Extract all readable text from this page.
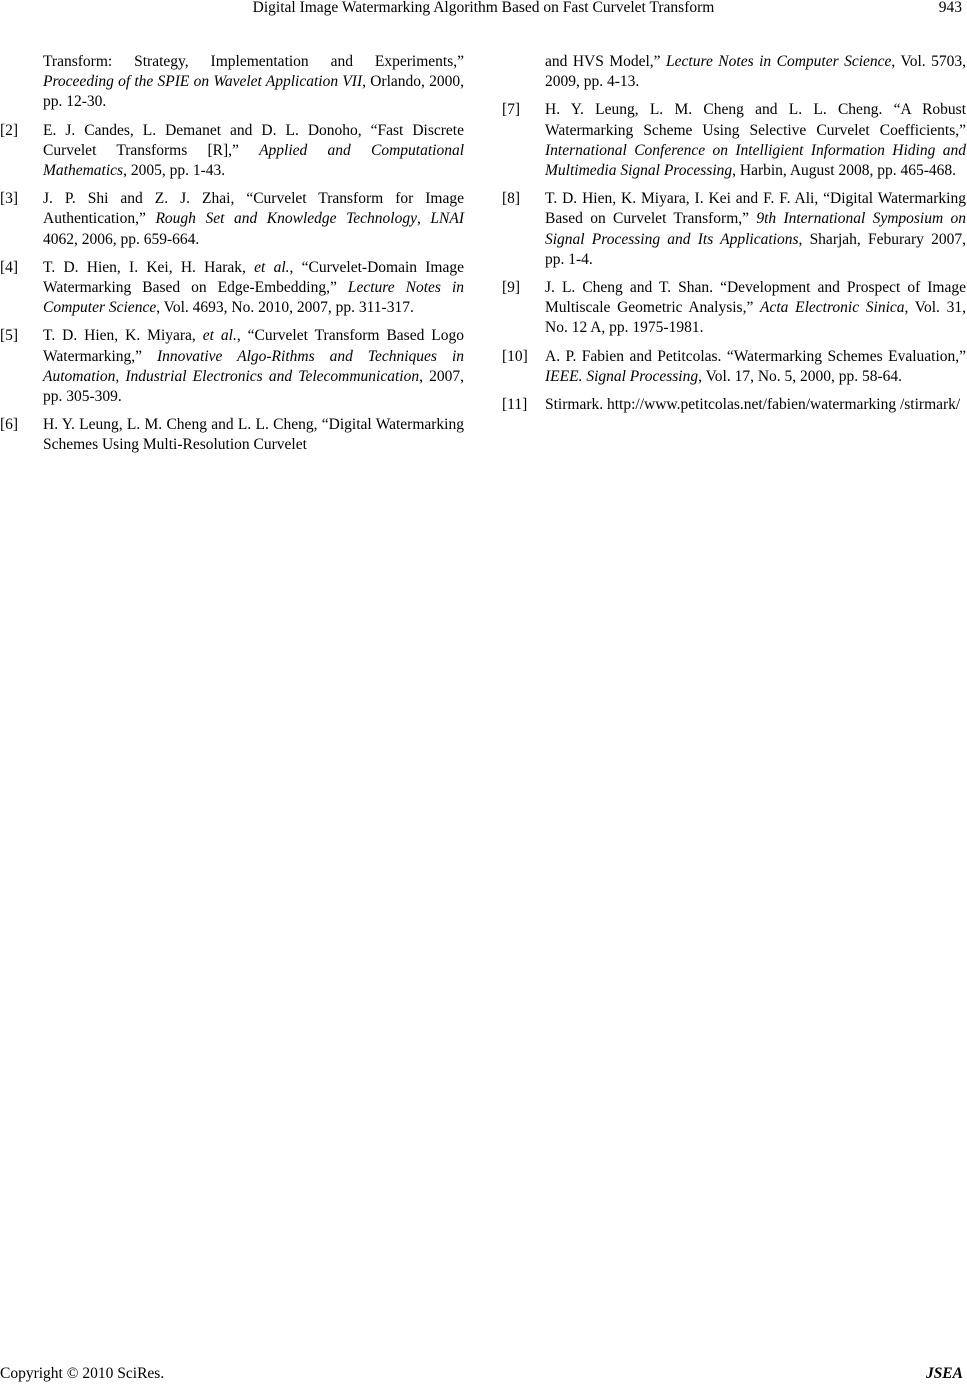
Digital Image Watermarking Algorithm Based on Fast Curvelet Transform	943
Transform: Strategy, Implementation and Experiments,” Proceeding of the SPIE on Wavelet Application VII, Orlando, 2000, pp. 12-30.
[2] E. J. Candes, L. Demanet and D. L. Donoho, “Fast Discrete Curvelet Transforms [R],” Applied and Computational Mathematics, 2005, pp. 1-43.
[3] J. P. Shi and Z. J. Zhai, “Curvelet Transform for Image Authentication,” Rough Set and Knowledge Technology, LNAI 4062, 2006, pp. 659-664.
[4] T. D. Hien, I. Kei, H. Harak, et al., “Curvelet-Domain Image Watermarking Based on Edge-Embedding,” Lecture Notes in Computer Science, Vol. 4693, No. 2010, 2007, pp. 311-317.
[5] T. D. Hien, K. Miyara, et al., “Curvelet Transform Based Logo Watermarking,” Innovative Algo-Rithms and Techniques in Automation, Industrial Electronics and Telecommunication, 2007, pp. 305-309.
[6] H. Y. Leung, L. M. Cheng and L. L. Cheng, “Digital Watermarking Schemes Using Multi-Resolution Curvelet
and HVS Model,” Lecture Notes in Computer Science, Vol. 5703, 2009, pp. 4-13.
[7] H. Y. Leung, L. M. Cheng and L. L. Cheng. “A Robust Watermarking Scheme Using Selective Curvelet Coefficients,” International Conference on Intelligient Information Hiding and Multimedia Signal Processing, Harbin, August 2008, pp. 465-468.
[8] T. D. Hien, K. Miyara, I. Kei and F. F. Ali, “Digital Watermarking Based on Curvelet Transform,” 9th International Symposium on Signal Processing and Its Applications, Sharjah, Feburary 2007, pp. 1-4.
[9] J. L. Cheng and T. Shan. “Development and Prospect of Image Multiscale Geometric Analysis,” Acta Electronic Sinica, Vol. 31, No. 12 A, pp. 1975-1981.
[10] A. P. Fabien and Petitcolas. “Watermarking Schemes Evaluation,” IEEE. Signal Processing, Vol. 17, No. 5, 2000, pp. 58-64.
[11] Stirmark. http://www.petitcolas.net/fabien/watermarking /stirmark/
Copyright © 2010 SciRes.	JSEA
